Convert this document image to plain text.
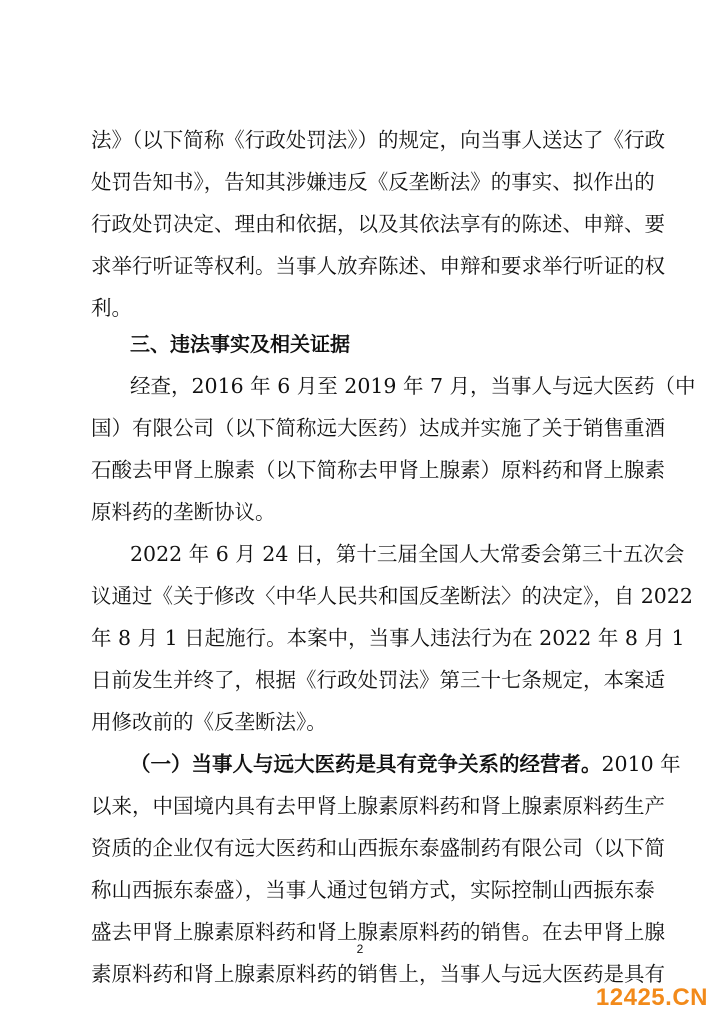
法》（以下简称《行政处罚法》）的规定，向当事人送达了《行政
处罚告知书》，告知其涉嫌违反《反垄断法》的事实、拟作出的
行政处罚决定、理由和依据，以及其依法享有的陈述、申辩、要
求举行听证等权利。当事人放弃陈述、申辩和要求举行听证的权
利。
三、违法事实及相关证据
经查，2016 年 6 月至 2019 年 7 月，当事人与远大医药（中
国）有限公司（以下简称远大医药）达成并实施了关于销售重酒
石酸去甲肾上腺素（以下简称去甲肾上腺素）原料药和肾上腺素
原料药的垄断协议。
2022 年 6 月 24 日，第十三届全国人大常委会第三十五次会
议通过《关于修改〈中华人民共和国反垄断法〉的决定》，自 2022
年 8 月 1 日起施行。本案中，当事人违法行为在 2022 年 8 月 1
日前发生并终了，根据《行政处罚法》第三十七条规定，本案适
用修改前的《反垄断法》。
（一）当事人与远大医药是具有竞争关系的经营者。 2010 年
以来，中国境内具有去甲肾上腺素原料药和肾上腺素原料药生产
资质的企业仅有远大医药和山西振东泰盛制药有限公司（以下简
称山西振东泰盛），当事人通过包销方式，实际控制山西振东泰
盛去甲肾上腺素原料药和肾上腺素原料药的销售。在去甲肾上腺
素原料药和肾上腺素原料药的销售上，当事人与远大医药是具有
2
12425.CN
